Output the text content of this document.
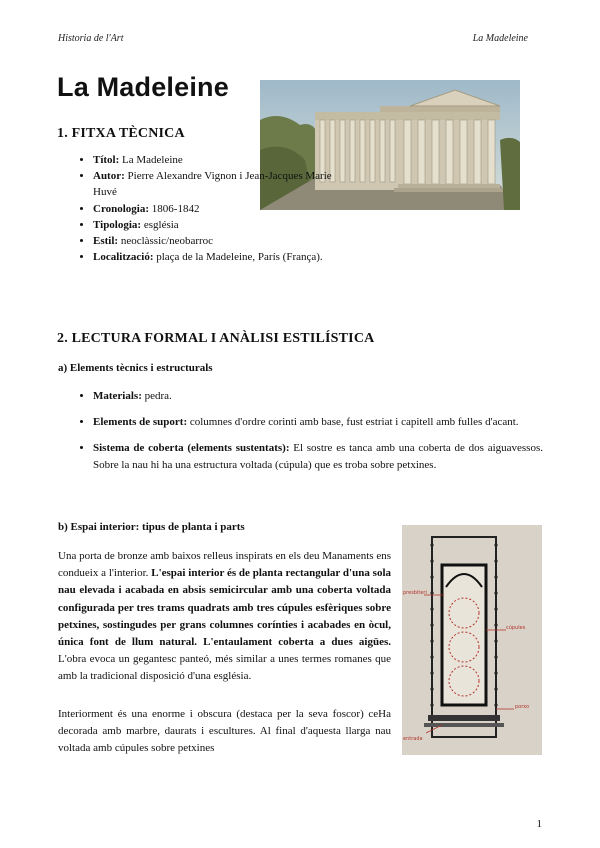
Historia de l'Art	La Madeleine
La Madeleine
1. FITXA TÈCNICA
• Títol: La Madeleine
• Autor: Pierre Alexandre Vignon i Jean-Jacques Marie Huvé
• Cronologia: 1806-1842
• Tipologia: església
• Estil: neoclàssic/neobarroc
• Localització: plaça de la Madeleine, París (França).
2. LECTURA FORMAL I ANÀLISI ESTILÍSTICA
a) Elements tècnics i estructurals
• Materials: pedra.
• Elements de suport: columnes d'ordre corinti amb base, fust estriat i capitell amb fulles d'acant.
• Sistema de coberta (elements sustentats): El sostre es tanca amb una coberta de dos aiguavessos. Sobre la nau hi ha una estructura voltada (cúpula) que es troba sobre petxines.
b) Espai interior: tipus de planta i parts

Una porta de bronze amb baixos relleus inspirats en els deu Manaments ens condueix a l'interior. L'espai interior és de planta rectangular d'una sola nau elevada i acabada en absis semicircular amb una coberta voltada configurada per tres trams quadrats amb tres cúpules esfèriques sobre petxines, sostingudes per grans columnes corínties i acabades en òcul, única font de llum natural. L'entaulament coberta a dues aigües. L'obra evoca un gegantesc panteó, més similar a unes termes romanes que amb la tradicional disposició d'una església.

Interiorment és una enorme i obscura (destaca per la seva foscor) ceHa decorada amb marbre, daurats i escultures. Al final d'aquesta llarga nau voltada amb cúpules sobre petxines

presbiteri
cúpules
porxo
entrada
1
